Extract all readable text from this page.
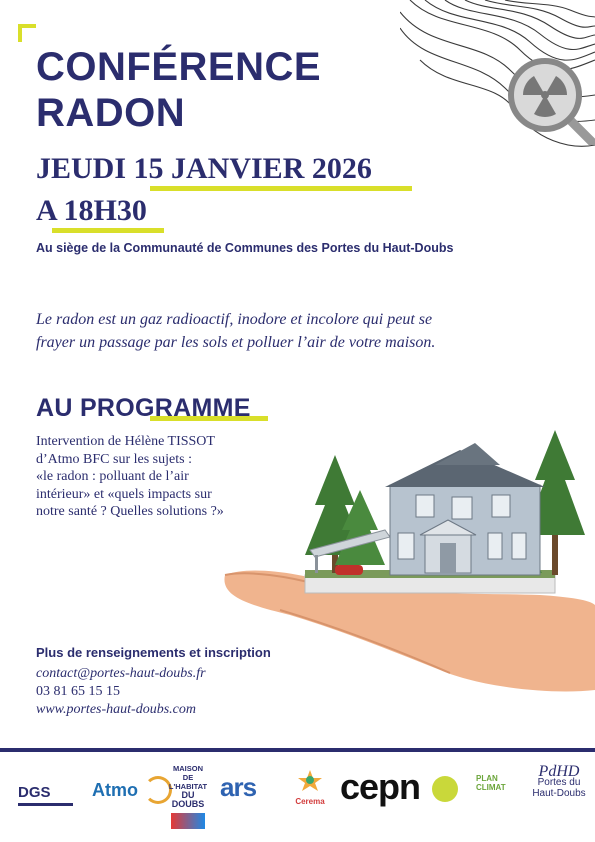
CONFÉRENCE
RADON
JEUDI 15 JANVIER 2026
A 18H30
Au siège de la Communauté de Communes des Portes du Haut-Doubs
Le radon est un gaz radioactif, inodore et incolore qui peut se
frayer un passage par les sols et polluer l’air de votre maison.
AU PROGRAMME
Intervention de Hélène TISSOT
d’Atmo BFC sur les sujets :
«le radon : polluant de l’air
intérieur» et «quels impacts sur
notre santé ? Quelles solutions ?»
Plus de renseignements et inscription
contact@portes-haut-doubs.fr
03 81 65 15 15
www.portes-haut-doubs.com
DGS	Atmo
MAISON
DE L'HABITAT
DU DOUBS
ars	Cerema cepn	PLAN
CLIMAT
PdHD
Portes du
Haut-Doubs
